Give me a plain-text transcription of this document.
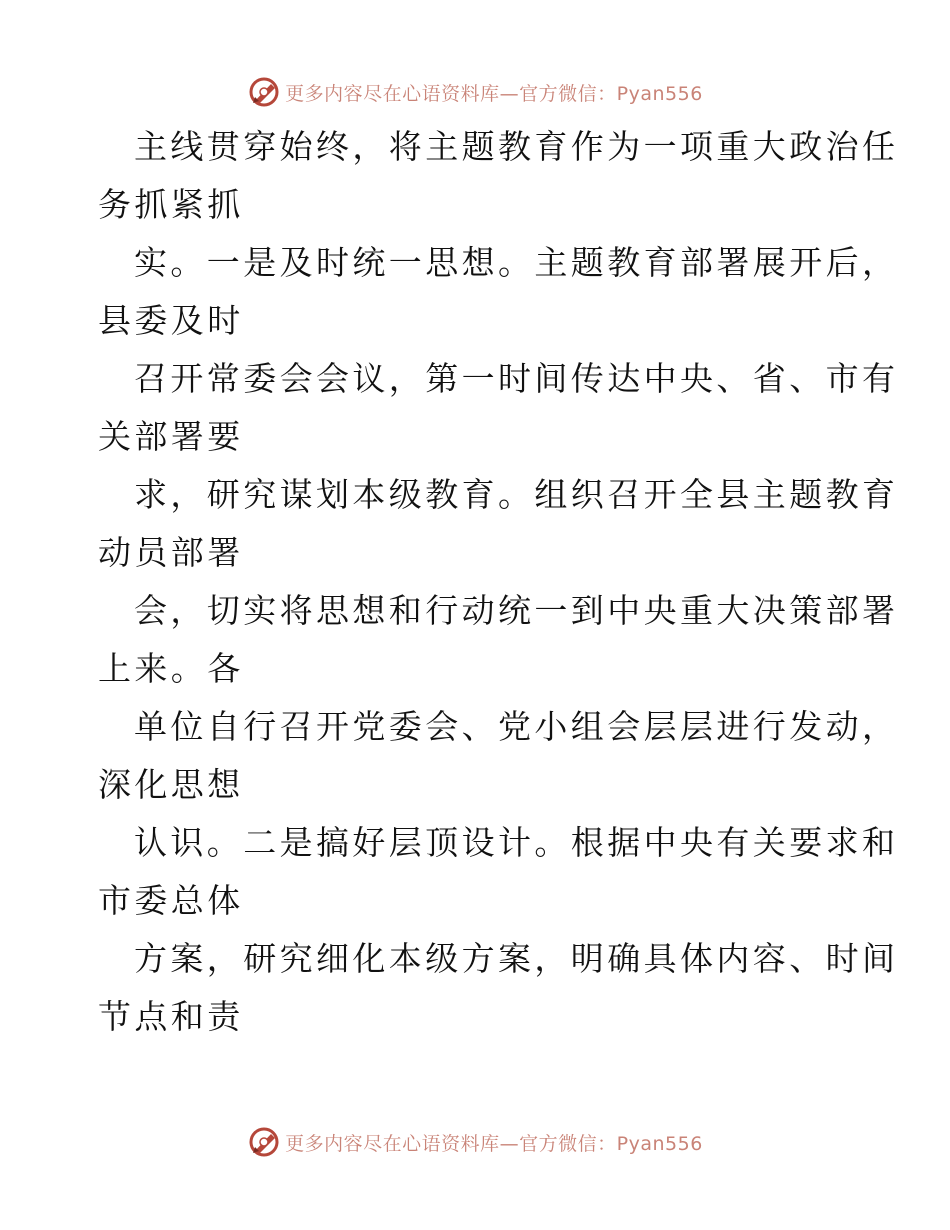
更多内容尽在心语资料库—官方微信：Pyan556
主线贯穿始终，将主题教育作为一项重大政治任
务抓紧抓
实。一是及时统一思想。主题教育部署展开后，
县委及时
召开常委会会议，第一时间传达中央、省、市有
关部署要
求，研究谋划本级教育。组织召开全县主题教育
动员部署
会，切实将思想和行动统一到中央重大决策部署
上来。各
单位自行召开党委会、党小组会层层进行发动，
深化思想
认识。二是搞好层顶设计。根据中央有关要求和
市委总体
方案，研究细化本级方案，明确具体内容、时间
节点和责
更多内容尽在心语资料库—官方微信：Pyan556
